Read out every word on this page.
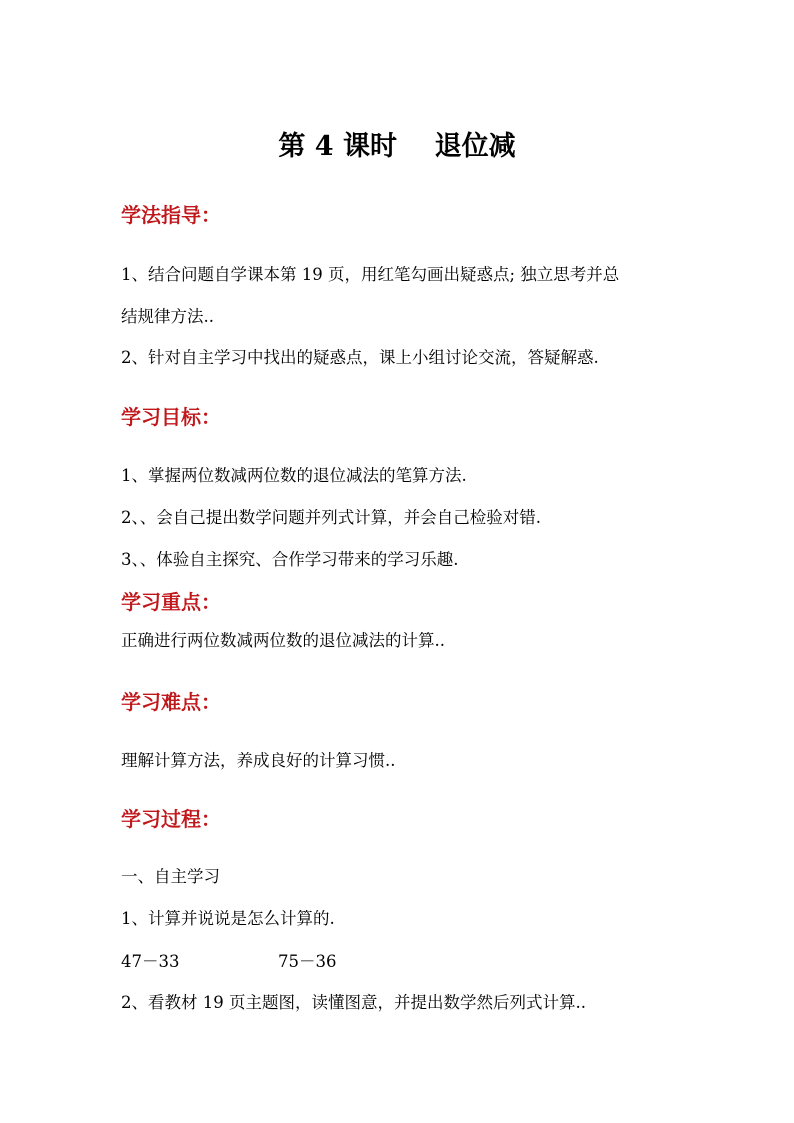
第 4 课时    退位减
学法指导：

1、结合问题自学课本第 19 页，用红笔勾画出疑惑点; 独立思考并总

结规律方法..

2、针对自主学习中找出的疑惑点，课上小组讨论交流，答疑解惑.

学习目标：

1、掌握两位数减两位数的退位减法的笔算方法.

2、、会自己提出数学问题并列式计算，并会自己检验对错.

3、、体验自主探究、合作学习带来的学习乐趣.

学习重点：

正确进行两位数减两位数的退位减法的计算..

学习难点：

理解计算方法，养成良好的计算习惯..

学习过程：

一、自主学习

1、计算并说说是怎么计算的.

47－33	75－36

2、看教材 19 页主题图，读懂图意，并提出数学然后列式计算..
